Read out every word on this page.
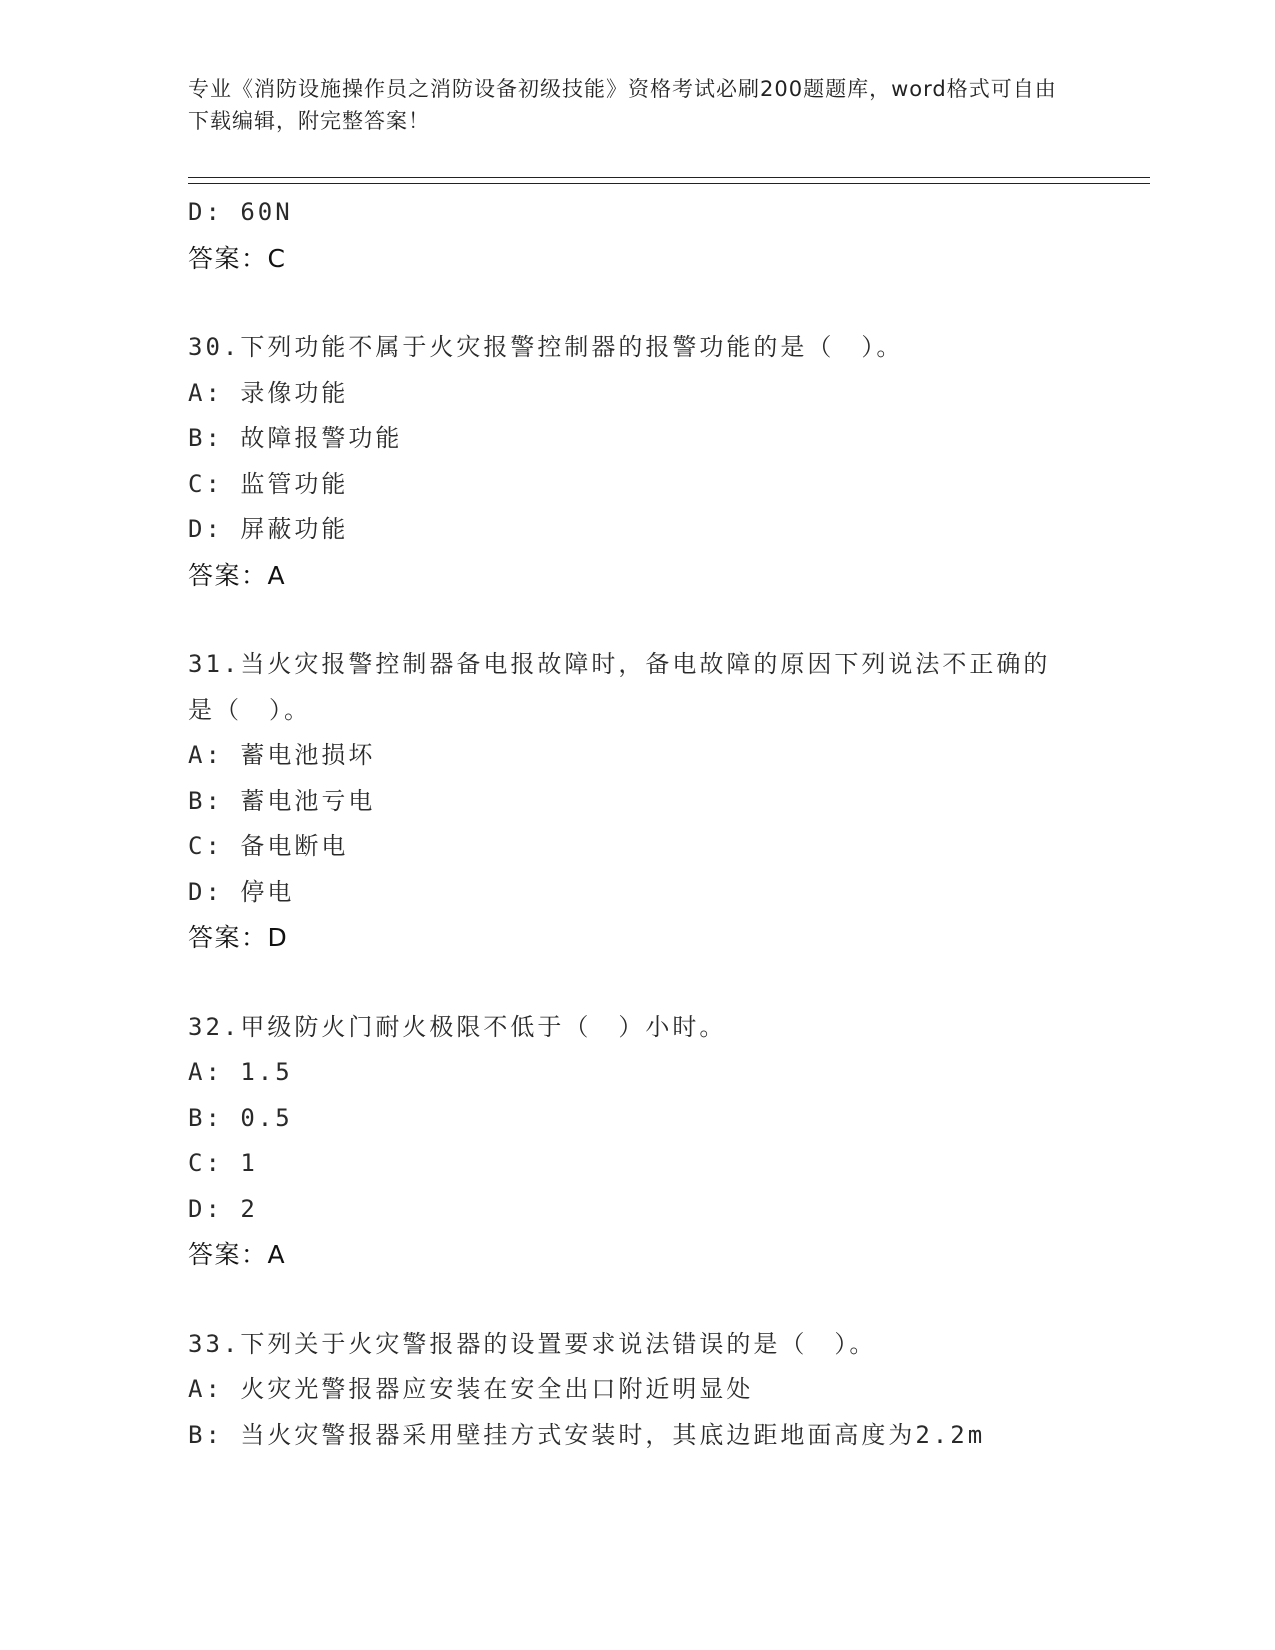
专业《消防设施操作员之消防设备初级技能》资格考试必刷200题题库，word格式可自由下载编辑，附完整答案！
D: 60N
答案：C
30.下列功能不属于火灾报警控制器的报警功能的是（　）。
A: 录像功能
B: 故障报警功能
C: 监管功能
D: 屏蔽功能
答案：A
31.当火灾报警控制器备电报故障时，备电故障的原因下列说法不正确的是（　）。
A: 蓄电池损坏
B: 蓄电池亏电
C: 备电断电
D: 停电
答案：D
32.甲级防火门耐火极限不低于（　）小时。
A: 1.5
B: 0.5
C: 1
D: 2
答案：A
33.下列关于火灾警报器的设置要求说法错误的是（　）。
A: 火灾光警报器应安装在安全出口附近明显处
B: 当火灾警报器采用壁挂方式安装时，其底边距地面高度为2.2m
